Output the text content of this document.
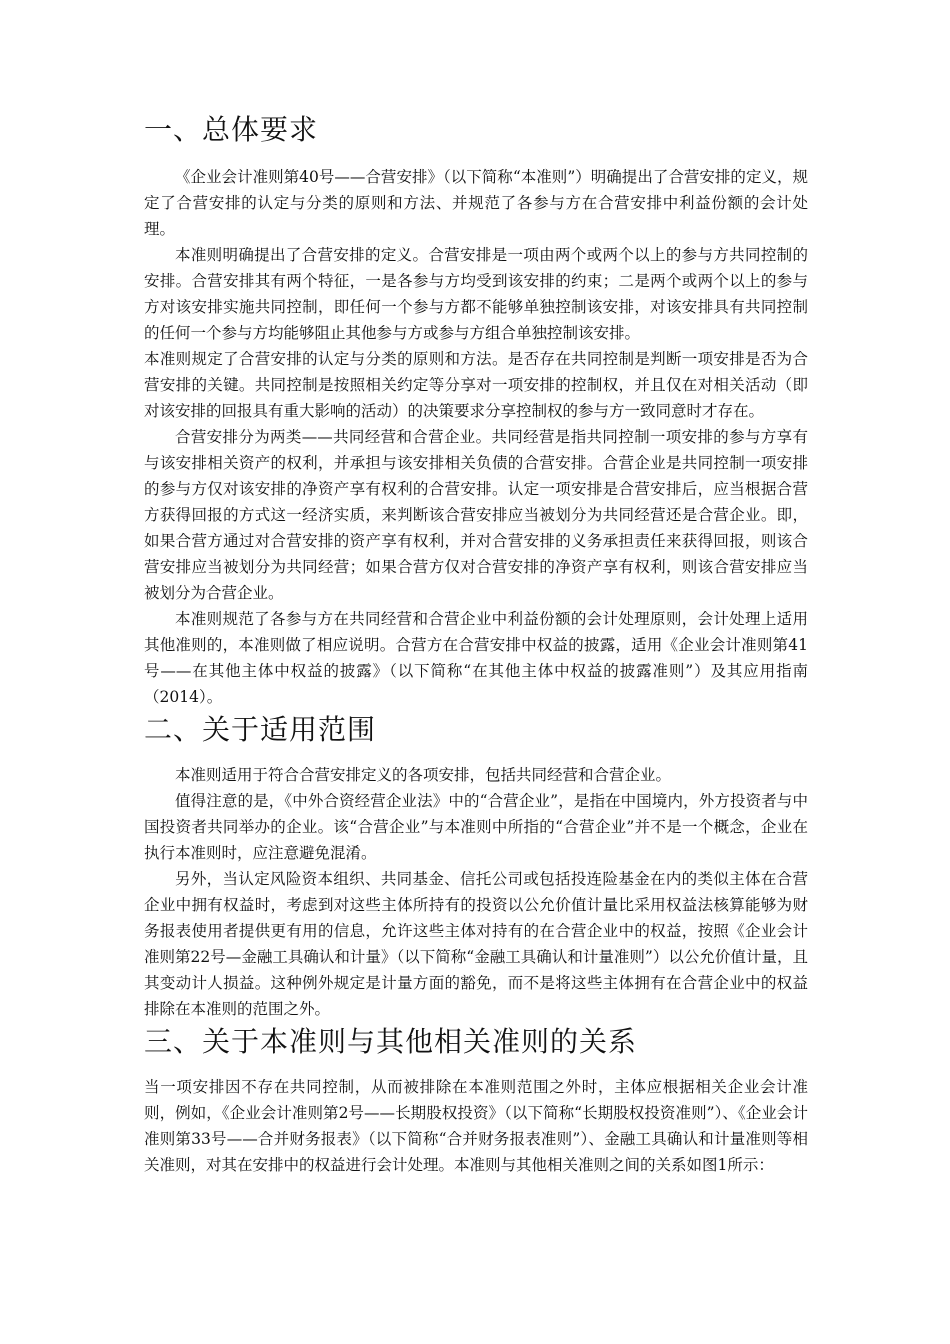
一、总体要求

《企业会计准则第40号——合营安排》（以下简称“本准则”）明确提出了合营安排的定义，规定了合营安排的认定与分类的原则和方法、并规范了各参与方在合营安排中利益份额的会计处理。

本准则明确提出了合营安排的定义。合营安排是一项由两个或两个以上的参与方共同控制的安排。合营安排其有两个特征，一是各参与方均受到该安排的约束；二是两个或两个以上的参与方对该安排实施共同控制，即任何一个参与方都不能够单独控制该安排，对该安排具有共同控制的任何一个参与方均能够阻止其他参与方或参与方组合单独控制该安排。

本准则规定了合营安排的认定与分类的原则和方法。是否存在共同控制是判断一项安排是否为合营安排的关键。共同控制是按照相关约定等分享对一项安排的控制权，并且仅在对相关活动（即对该安排的回报具有重大影响的活动）的决策要求分享控制权的参与方一致同意时才存在。

合营安排分为两类——共同经营和合营企业。共同经营是指共同控制一项安排的参与方享有与该安排相关资产的权利，并承担与该安排相关负债的合营安排。合营企业是共同控制一项安排的参与方仅对该安排的净资产享有权利的合营安排。认定一项安排是合营安排后，应当根据合营方获得回报的方式这一经济实质，来判断该合营安排应当被划分为共同经营还是合营企业。即，如果合营方通过对合营安排的资产享有权利，并对合营安排的义务承担责任来获得回报，则该合营安排应当被划分为共同经营；如果合营方仅对合营安排的净资产享有权利，则该合营安排应当被划分为合营企业。

本准则规范了各参与方在共同经营和合营企业中利益份额的会计处理原则，会计处理上适用其他准则的，本准则做了相应说明。合营方在合营安排中权益的披露，适用《企业会计准则第41号——在其他主体中权益的披露》（以下简称“在其他主体中权益的披露准则”）及其应用指南（2014）。

二、关于适用范围

本准则适用于符合合营安排定义的各项安排，包括共同经营和合营企业。

值得注意的是，《中外合资经营企业法》中的“合营企业”，是指在中国境内，外方投资者与中国投资者共同举办的企业。该“合营企业”与本准则中所指的“合营企业”并不是一个概念，企业在执行本准则时，应注意避免混淆。

另外，当认定风险资本组织、共同基金、信托公司或包括投连险基金在内的类似主体在合营企业中拥有权益时，考虑到对这些主体所持有的投资以公允价值计量比采用权益法核算能够为财务报表使用者提供更有用的信息，允许这些主体对持有的在合营企业中的权益，按照《企业会计准则第22号—金融工具确认和计量》（以下简称“金融工具确认和计量准则”）以公允价值计量，且其变动计人损益。这种例外规定是计量方面的豁免，而不是将这些主体拥有在合营企业中的权益排除在本准则的范围之外。

三、关于本准则与其他相关准则的关系

当一项安排因不存在共同控制，从而被排除在本准则范围之外时，主体应根据相关企业会计准则，例如，《企业会计准则第2号——长期股权投资》（以下简称“长期股权投资准则”）、《企业会计准则第33号——合并财务报表》（以下简称“合并财务报表准则”）、金融工具确认和计量准则等相关准则，对其在安排中的权益进行会计处理。本准则与其他相关准则之间的关系如图1所示：
